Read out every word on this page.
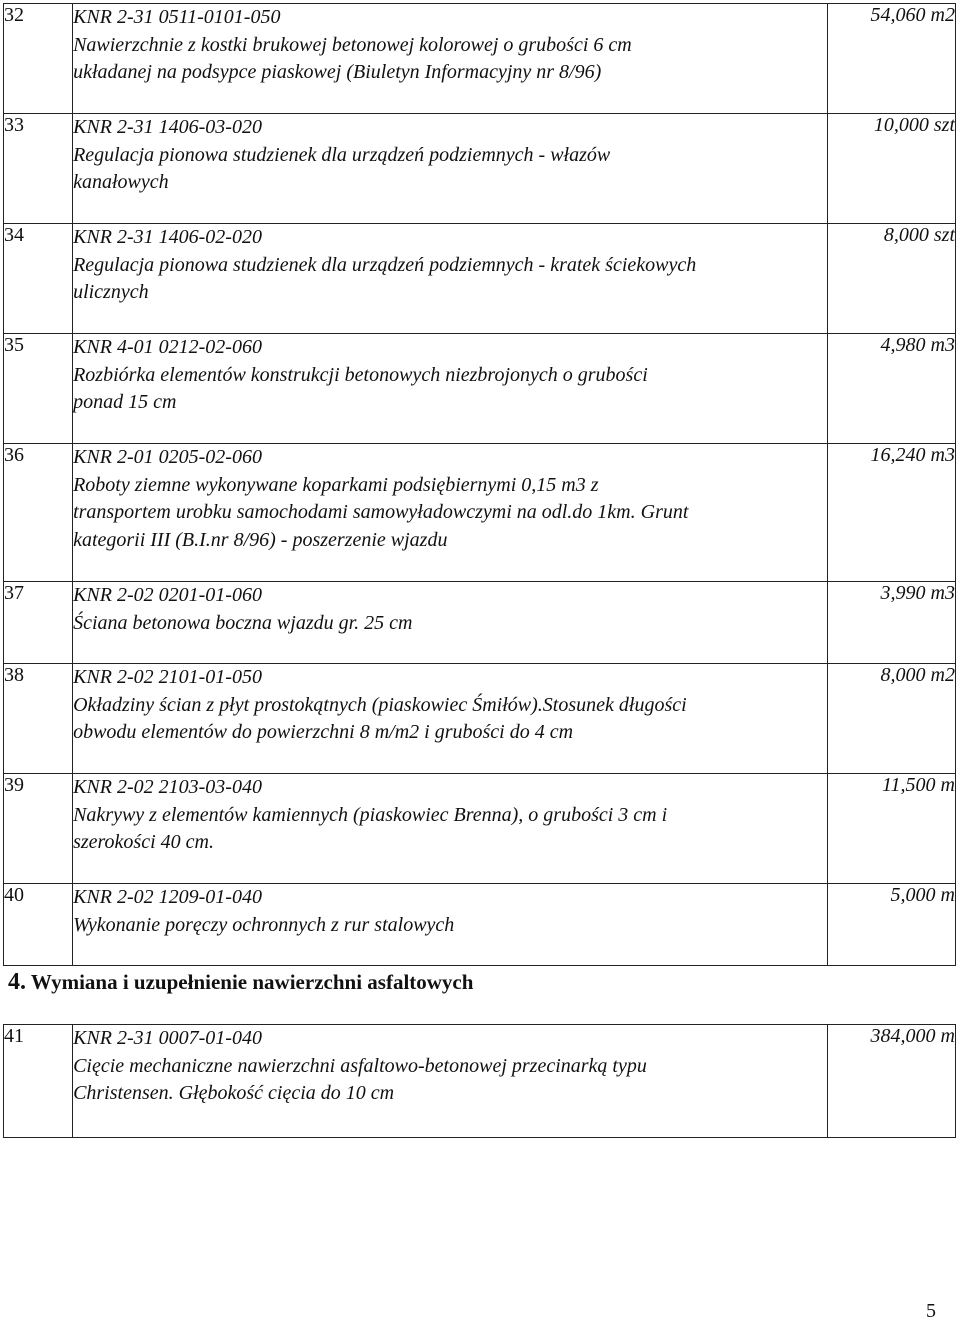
32	KNR 2-31 0511-0101-050
Nawierzchnie z kostki brukowej betonowej kolorowej o grubości 6 cm
układanej na podsypce piaskowej (Biuletyn Informacyjny nr 8/96)	54,060 m2
33	KNR 2-31 1406-03-020
Regulacja pionowa studzienek dla urządzeń podziemnych - włazów
kanałowych	10,000 szt
34	KNR 2-31 1406-02-020
Regulacja pionowa studzienek dla urządzeń podziemnych - kratek ściekowych
ulicznych	8,000 szt
35	KNR 4-01 0212-02-060
Rozbiórka elementów konstrukcji betonowych niezbrojonych o grubości
ponad 15 cm	4,980 m3
36	KNR 2-01 0205-02-060
Roboty ziemne wykonywane koparkami podsiębiernymi 0,15 m3 z
transportem urobku samochodami samowyładowczymi na odl.do 1km. Grunt
kategorii III (B.I.nr 8/96) - poszerzenie wjazdu	16,240 m3
37	KNR 2-02 0201-01-060
Ściana betonowa boczna wjazdu gr. 25 cm	3,990 m3
38	KNR 2-02 2101-01-050
Okładziny ścian z płyt prostokątnych (piaskowiec Śmiłów).Stosunek długości
obwodu elementów do powierzchni 8 m/m2 i grubości do 4 cm	8,000 m2
39	KNR 2-02 2103-03-040
Nakrywy z elementów kamiennych (piaskowiec Brenna), o grubości 3 cm i
szerokości 40 cm.	11,500 m
40	KNR 2-02 1209-01-040
Wykonanie poręczy ochronnych z rur stalowych	5,000 m
4. Wymiana i uzupełnienie nawierzchni asfaltowych
41	KNR 2-31 0007-01-040
Cięcie mechaniczne nawierzchni asfaltowo-betonowej przecinarką typu
Christensen. Głębokość cięcia do 10 cm
	384,000 m
5
